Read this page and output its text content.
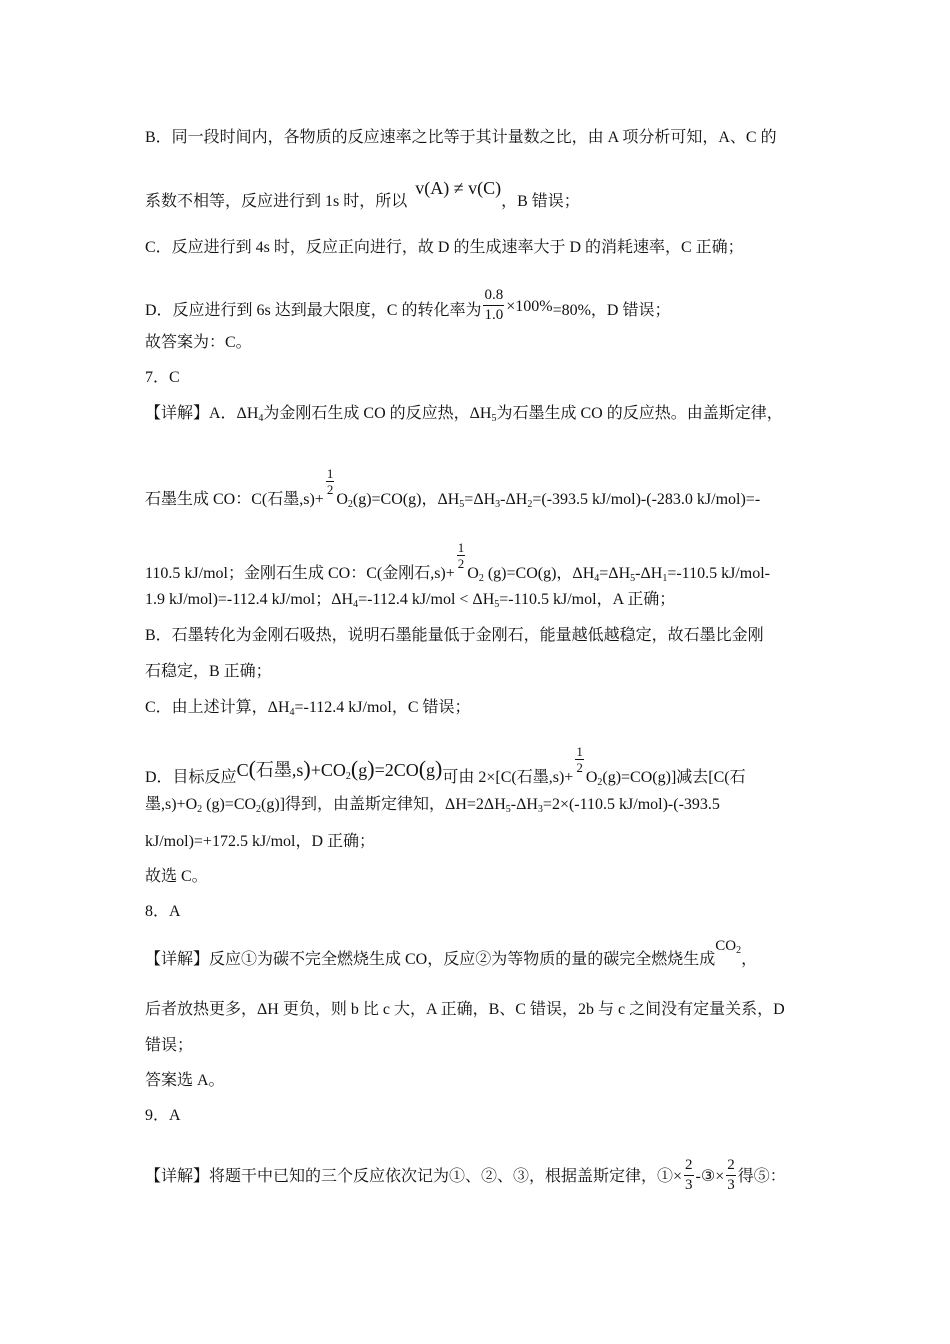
B．同一段时间内，各物质的反应速率之比等于其计量数之比，由 A 项分析可知，A、C 的
系数不相等，反应进行到 1s 时，所以v(A) ≠ v(C)，B 错误；
C．反应进行到 4s 时，反应正向进行，故 D 的生成速率大于 D 的消耗速率，C 正确；
D．反应进行到 6s 达到最大限度，C 的转化率为 $\frac{0.8}{1.0} \times 100\%=80\%$，D 错误；
故答案为：C。
7．C
【详解】A．$\Delta H_4$为金刚石生成 CO 的反应热，$\Delta H_5$为石墨生成 CO 的反应热。由盖斯定律，
石墨生成 CO：C(石墨,s)+
$\frac{1}{2}$
$O_2(g)=CO(g)$，$\Delta H_5=\Delta H_3-\Delta H_2=(-393.5$ kJ/mol)-(-283.0 kJ/mol)=-
110.5 kJ/mol；金刚石生成 CO：C(金刚石,s)+
$\frac{1}{2}$
$O_2$ (g)=CO(g)，$\Delta H_4=\Delta H_5-\Delta H_1=-110.5$ kJ/mol-
1.9 kJ/mol)=-112.4 kJ/mol；$\Delta H_4=-112.4$ $kJ/mol < \Delta H_5=-110.5$ kJ/mol，A 正确；
B．石墨转化为金刚石吸热，说明石墨能量低于金刚石，能量越低越稳定，故石墨比金刚
石稳定，B 正确；
C．由上述计算，$\Delta H_4=-112.4$ kJ/mol，C 错误；
D．目标反应C(石墨$,s)+CO_2(g)=2CO(g)$可由 2×[C(石墨,s)+
$\frac{1}{2}$
$O_2(g)=CO(g)$]减去[C(石
墨$,s)+O_2$ $(g)=CO_2(g)$]得到，由盖斯定律知，$\Delta H=2\Delta H_5-\Delta H_3=2\times(-110.5$ kJ/mol)-(-393.5
kJ/mol)=+172.5 kJ/mol，D 正确；
故选 C。
8．A
【详解】反应①为碳不完全燃烧生成 CO，反应②为等物质的量的碳完全燃烧生成$CO_2$，
后者放热更多，ΔH 更负，则 b 比 c 大，A 正确，B、C 错误，2b 与 c 之间没有定量关系，D
错误；
答案选 A。
9．A
【详解】将题干中已知的三个反应依次记为①、②、③，根据盖斯定律，①× $\frac{2}{3}$ -③× $\frac{2}{3}$ 得⑤：
